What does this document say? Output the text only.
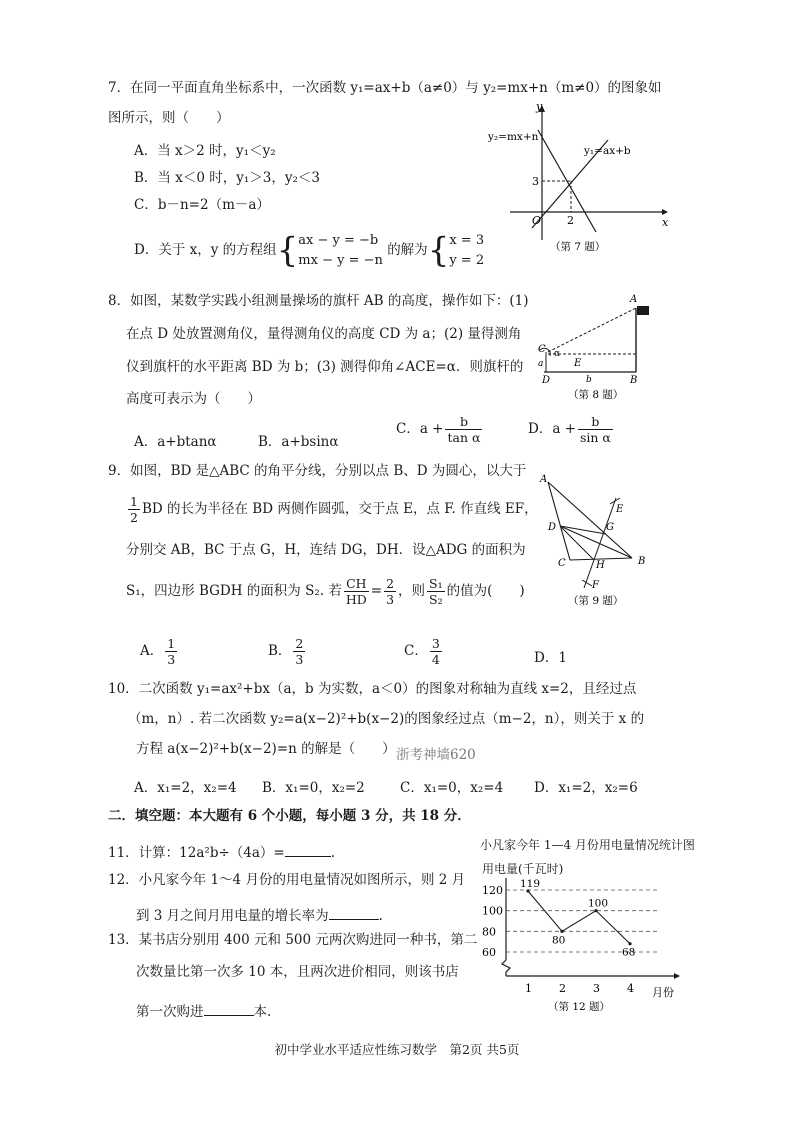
7．在同一平面直角坐标系中，一次函数 y₁=ax+b（a≠0）与 y₂=mx+n（m≠0）的图象如
图所示，则（　　）
A．当 x＞2 时，y₁＜y₂
B．当 x＜0 时，y₁＞3，y₂＜3
C．b－n=2（m－a）
D．关于 x，y 的方程组{ ax − y = −b
mx − y = −n
的解为{ x = 3
y = 2
y
x
y₂=mx+n
y₁=ax+b
3
2
O
（第 7 题）
8．如图，某数学实践小组测量操场的旗杆 AB 的高度，操作如下：(1)
在点 D 处放置测角仪，量得测角仪的高度 CD 为 a；(2) 量得测角
仪到旗杆的水平距离 BD 为 b；(3) 测得仰角∠ACE=α．则旗杆的
高度可表示为（　　）
A．a+btanα	B．a+bsinα
C．$a + \frac{b}{\text{tan α}}$	D．$a + \frac{b}{\text{sin α}}$
A
C α
E
a
D	b	B
（第 8 题）
9．如图，BD 是△ABC 的角平分线，分别以点 B、D 为圆心，以大于
$\frac{1}{2}$ BD 的长为半径在 BD 两侧作圆弧，交于点 E，点 F. 作直线 EF，
分别交 AB，BC 于点 G，H，连结 DG，DH．设△ADG 的面积为
S₁，四边形 BGDH 的面积为 S₂. 若 $\frac{CH}{HD} = \frac{2}{3}$ ，则 $\frac{\text{S₁}}{\text{S₂}}$ 的值为(　　)
A． $\frac{1}{3}$	B． $\frac{2}{3}$	C． $\frac{3}{4}$	D．1
A
E
D	G
B
C	H
F
（第 9 题）
10．二次函数 y₁=ax²+bx（a，b 为实数，a＜0）的图象对称轴为直线 x=2，且经过点
（m，n）. 若二次函数 y₂=a(x−2)²+b(x−2)的图象经过点（m−2，n），则关于 x 的
方程 a(x−2)²+b(x−2)=n 的解是（　　） 浙考神墙620
A．x₁=2，x₂=4 B．x₁=0，x₂=2	C．x₁=0，x₂=4 D．x₁=2，x₂=6
二．填空题：本大题有 6 个小题，每小题 3 分，共 18 分．
11．计算：12a²b÷（4a）=	.
12．小凡家今年 1～4 月份的用电量情况如图所示，则 2 月
到 3 月之间月用电量的增长率为	.
13．某书店分别用 400 元和 500 元两次购进同一种书，第二
次数量比第一次多 10 本，且两次进价相同，则该书店
第一次购进	本.
小凡家今年 1—4 月份用电量情况统计图
用电量(千瓦时)
60
80
100
120
1 2 3 4 月份
119
80
100
68
（第 12 题）
初中学业水平适应性练习数学　第2页 共5页
